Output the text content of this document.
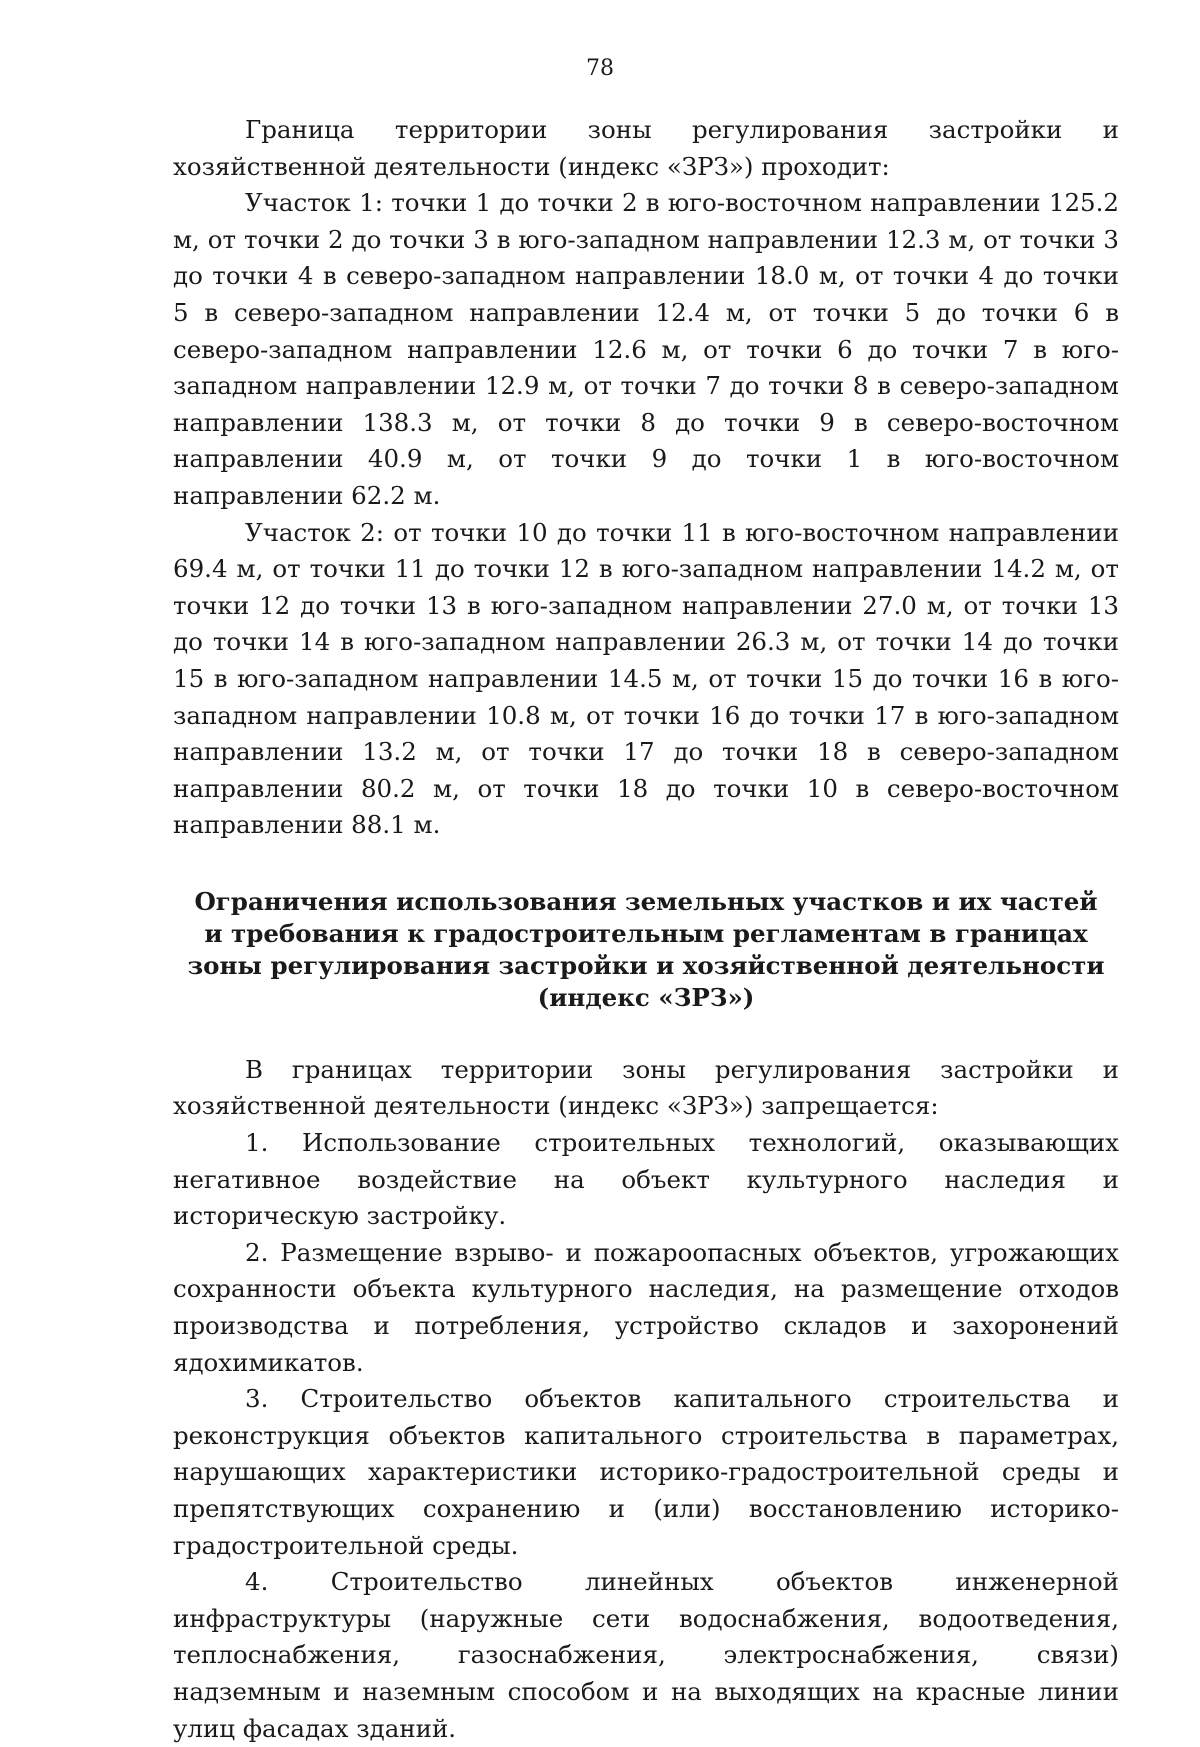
78

Граница территории зоны регулирования застройки и хозяйственной деятельности (индекс «ЗРЗ») проходит:

Участок 1: точки 1 до точки 2 в юго-восточном направлении 125.2 м, от точки 2 до точки 3 в юго-западном направлении 12.3 м, от точки 3 до точки 4 в северо-западном направлении 18.0 м, от точки 4 до точки 5 в северо-западном направлении 12.4 м, от точки 5 до точки 6 в северо-западном направлении 12.6 м, от точки 6 до точки 7 в юго-западном направлении 12.9 м, от точки 7 до точки 8 в северо-западном направлении 138.3 м, от точки 8 до точки 9 в северо-восточном направлении 40.9 м, от точки 9 до точки 1 в юго-восточном направлении 62.2 м.

Участок 2: от точки 10 до точки 11 в юго-восточном направлении 69.4 м, от точки 11 до точки 12 в юго-западном направлении 14.2 м, от точки 12 до точки 13 в юго-западном направлении 27.0 м, от точки 13 до точки 14 в юго-западном направлении 26.3 м, от точки 14 до точки 15 в юго-западном направлении 14.5 м, от точки 15 до точки 16 в юго-западном направлении 10.8 м, от точки 16 до точки 17 в юго-западном направлении 13.2 м, от точки 17 до точки 18 в северо-западном направлении 80.2 м, от точки 18 до точки 10 в северо-восточном направлении 88.1 м.

Ограничения использования земельных участков и их частей
и требования к градостроительным регламентам в границах
зоны регулирования застройки и хозяйственной деятельности
(индекс «ЗРЗ»)

В границах территории зоны регулирования застройки и хозяйственной деятельности (индекс «ЗРЗ») запрещается:

1. Использование строительных технологий, оказывающих негативное воздействие на объект культурного наследия и историческую застройку.

2. Размещение взрыво- и пожароопасных объектов, угрожающих сохранности объекта культурного наследия, на размещение отходов производства и потребления, устройство складов и захоронений ядохимикатов.

3. Строительство объектов капитального строительства и реконструкция объектов капитального строительства в параметрах, нарушающих характеристики историко-градостроительной среды и препятствующих сохранению и (или) восстановлению историко-градостроительной среды.

4. Строительство линейных объектов инженерной инфраструктуры (наружные сети водоснабжения, водоотведения, теплоснабжения, газоснабжения, электроснабжения, связи) надземным и наземным способом и на выходящих на красные линии улиц фасадах зданий.
